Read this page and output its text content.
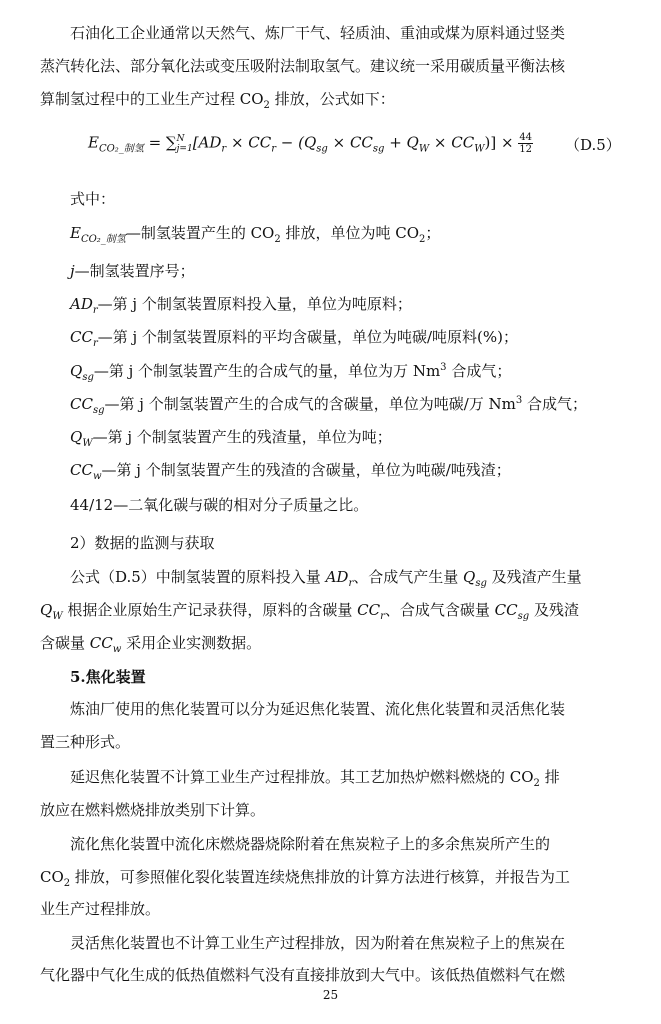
石油化工企业通常以天然气、炼厂干气、轻质油、重油或煤为原料通过竖类
蒸汽转化法、部分氧化法或变压吸附法制取氢气。建议统一采用碳质量平衡法核
算制氢过程中的工业生产过程 $CO_2$ 排放，公式如下：
$E_{CO_2\_制氢}$ = ∑ N
j=1 $[AD_r \times CC_r - (Q_{sg} \times CC_{sg} + Q_W \times CC_W)] \times \frac{44}{12} (D.5)$
式中：
$E_{CO_2\_制氢}—$制氢装置产生的 $CO_2$ 排放，单位为吨 $CO_2$；
j—制氢装置序号；
$AD_r—$第 j 个制氢装置原料投入量，单位为吨原料；
$CC_r—$第 j 个制氢装置原料的平均含碳量，单位为吨碳/吨原料(%)；
$Q_{sg}—$第 j 个制氢装置产生的合成气的量，单位为万 Nm$^3$ 合成气；
$CC_{sg}—$第 j 个制氢装置产生的合成气的含碳量，单位为吨碳/万 Nm$^3$ 合成气；
$Q_W—$第 j 个制氢装置产生的残渣量，单位为吨；
$CC_w—$第 j 个制氢装置产生的残渣的含碳量，单位为吨碳/吨残渣；
44/12—二氧化碳与碳的相对分子质量之比。
2）数据的监测与获取
公式（D.5）中制氢装置的原料投入量 $AD_r$、合成气产生量 $Q_{sg}$ 及残渣产生量
$Q_W$ 根据企业原始生产记录获得，原料的含碳量 $CC_r$、合成气含碳量 $CC_{sg}$ 及残渣
含碳量 $CC_w$ 采用企业实测数据。
5.焦化装置
炼油厂使用的焦化装置可以分为延迟焦化装置、流化焦化装置和灵活焦化装
置三种形式。
延迟焦化装置不计算工业生产过程排放。其工艺加热炉燃料燃烧的 $CO_2$ 排
放应在燃料燃烧排放类别下计算。
流化焦化装置中流化床燃烧器烧除附着在焦炭粒子上的多余焦炭所产生的
$CO_2$ 排放，可参照催化裂化装置连续烧焦排放的计算方法进行核算，并报告为工
业生产过程排放。
灵活焦化装置也不计算工业生产过程排放，因为附着在焦炭粒子上的焦炭在
气化器中气化生成的低热值燃料气没有直接排放到大气中。该低热值燃料气在燃
25
